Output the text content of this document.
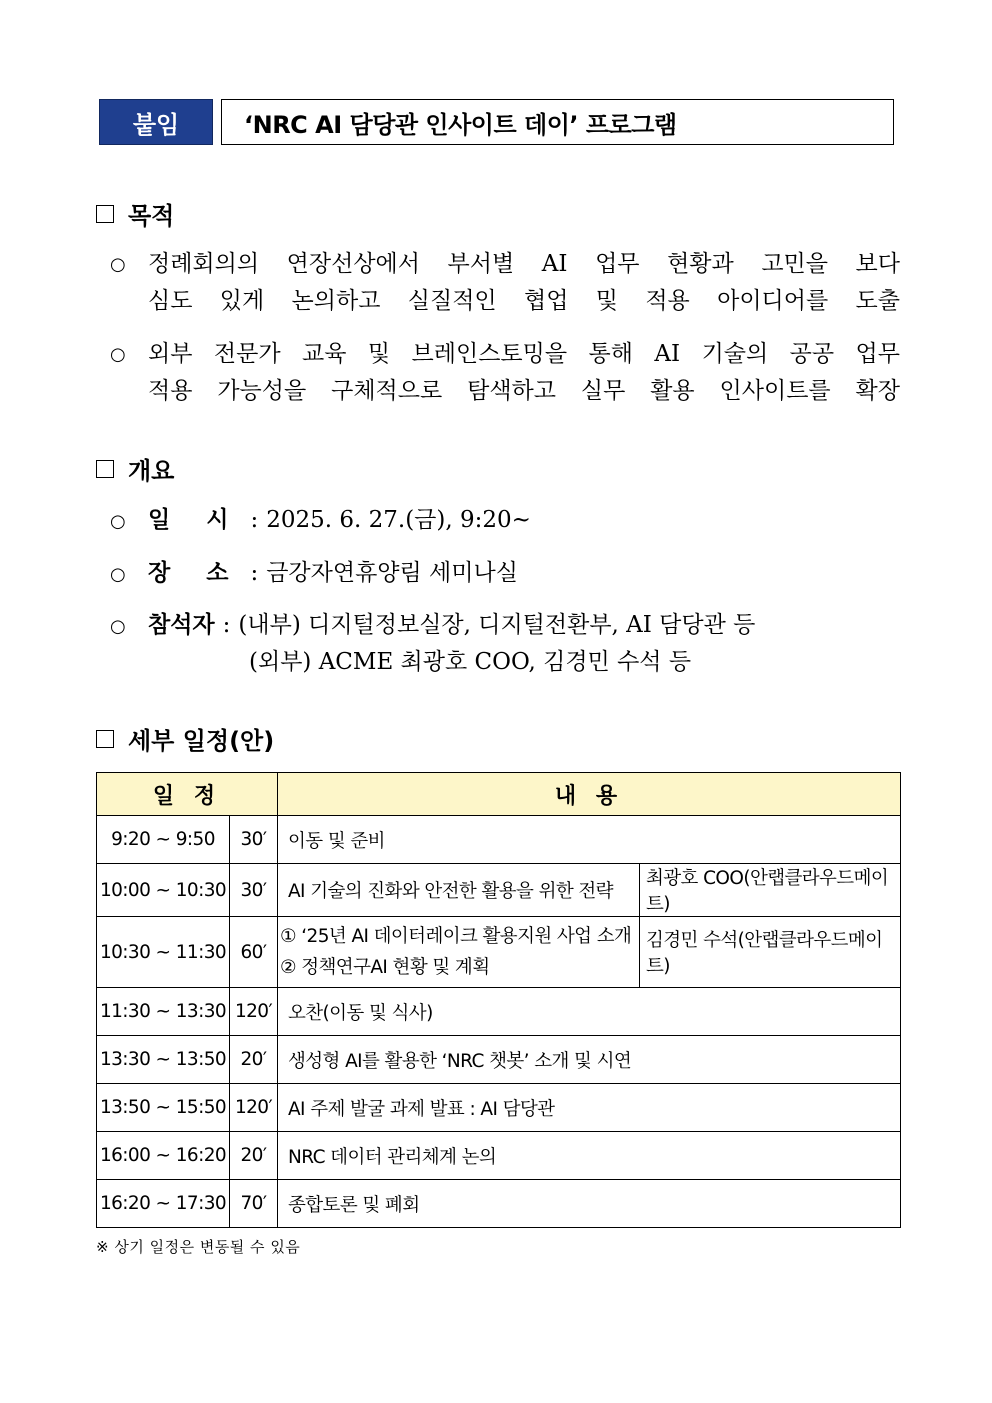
붙임	‘NRC AI 담당관 인사이트 데이’ 프로그램
목적
○ 정례회의의 연장선상에서 부서별 AI 업무 현황과 고민을 보다
심도 있게 논의하고 실질적인 협업 및 적용 아이디어를 도출
○ 외부 전문가 교육 및 브레인스토밍을 통해 AI 기술의 공공 업무
적용 가능성을 구체적으로 탐색하고 실무 활용 인사이트를 확장
개요
○ 일 시 : 2025. 6. 27.(금), 9:20~
○ 장 소 : 금강자연휴양림 세미나실
○ 참석자 : (내부) 디지털정보실장, 디지털전환부, AI 담당관 등
(외부) ACME 최광호 COO, 김경민 수석 등
세부 일정(안)
일 정		내 용	
9:20 ~ 9:50	30′	이동 및 준비	
10:00 ~ 10:30	30′	AI 기술의 진화와 안전한 활용을 위한 전략	최광호 COO(안랩클라우드메이트)
10:30 ~ 11:30	60′	① ‘25년 AI 데이터레이크 활용지원 사업 소개
② 정책연구AI 현황 및 계획	김경민 수석(안랩클라우드메이트)
11:30 ~ 13:30	120′	오찬(이동 및 식사)	
13:30 ~ 13:50	20′	생성형 AI를 활용한 ‘NRC 챗봇’ 소개 및 시연	
13:50 ~ 15:50	120′	AI 주제 발굴 과제 발표 : AI 담당관	
16:00 ~ 16:20	20′	NRC 데이터 관리체계 논의	
16:20 ~ 17:30	70′	종합토론 및 폐회	
※ 상기 일정은 변동될 수 있음
